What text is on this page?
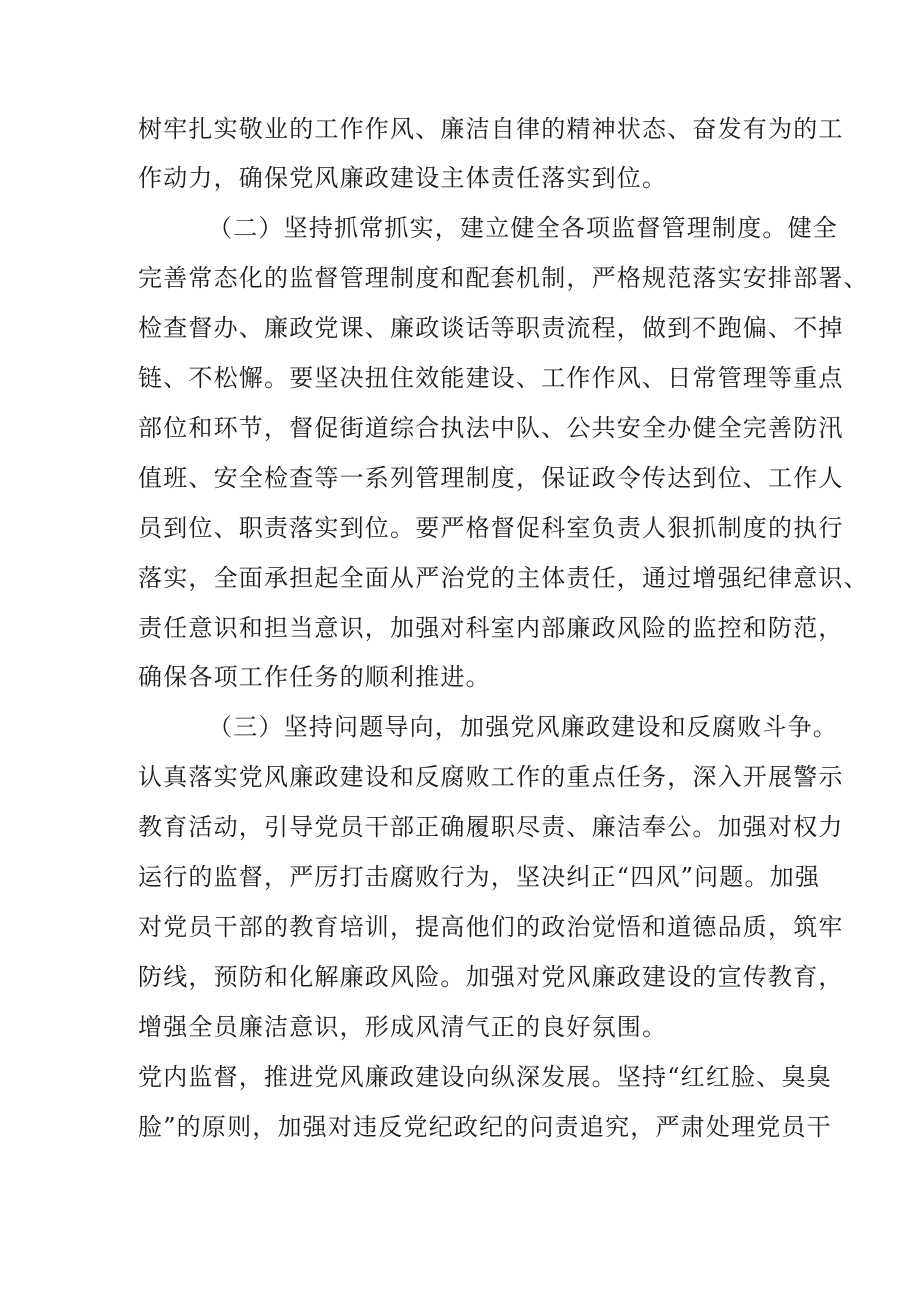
树牢扎实敬业的工作作风、廉洁自律的精神状态、奋发有为的工
作动力，确保党风廉政建设主体责任落实到位。
（二）坚持抓常抓实，建立健全各项监督管理制度。健全
完善常态化的监督管理制度和配套机制，严格规范落实安排部署、
检查督办、廉政党课、廉政谈话等职责流程，做到不跑偏、不掉
链、不松懈。要坚决扭住效能建设、工作作风、日常管理等重点
部位和环节，督促街道综合执法中队、公共安全办健全完善防汛
值班、安全检查等一系列管理制度，保证政令传达到位、工作人
员到位、职责落实到位。要严格督促科室负责人狠抓制度的执行
落实，全面承担起全面从严治党的主体责任，通过增强纪律意识、
责任意识和担当意识，加强对科室内部廉政风险的监控和防范，
确保各项工作任务的顺利推进。
（三）坚持问题导向，加强党风廉政建设和反腐败斗争。
认真落实党风廉政建设和反腐败工作的重点任务，深入开展警示
教育活动，引导党员干部正确履职尽责、廉洁奉公。加强对权力
运行的监督，严厉打击腐败行为，坚决纠正“四风”问题。加强
对党员干部的教育培训，提高他们的政治觉悟和道德品质，筑牢
防线，预防和化解廉政风险。加强对党风廉政建设的宣传教育，
增强全员廉洁意识，形成风清气正的良好氛围。
党内监督，推进党风廉政建设向纵深发展。坚持“红红脸、臭臭
脸”的原则，加强对违反党纪政纪的问责追究，严肃处理党员干
